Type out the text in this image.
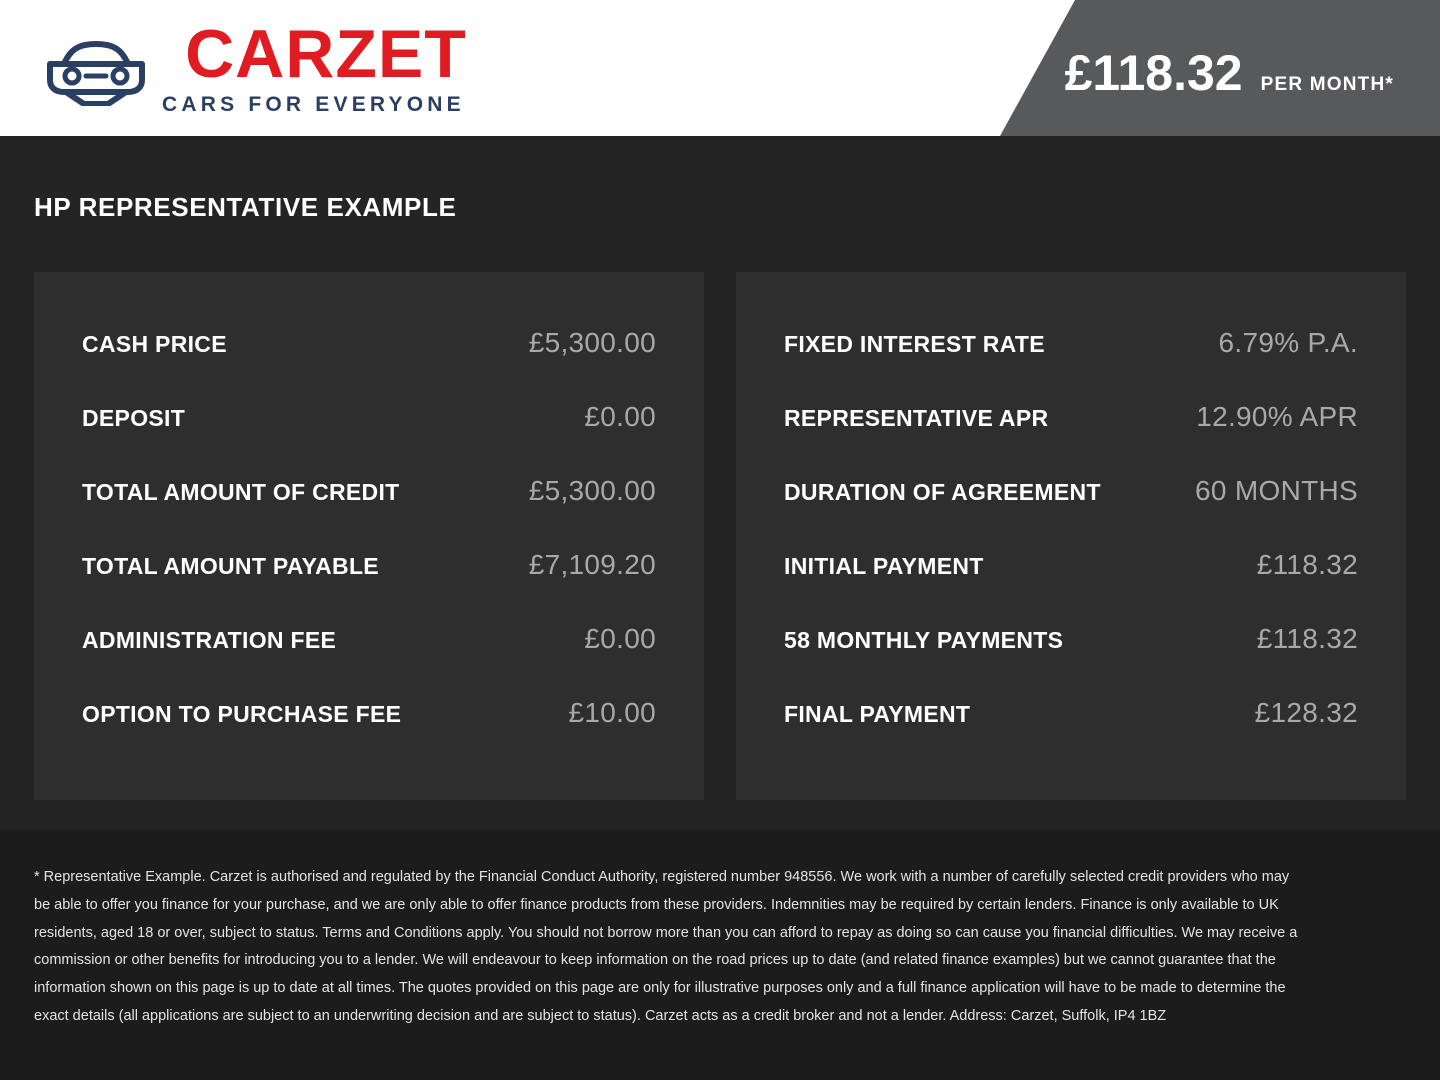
CARZET
CARS FOR EVERYONE
£118.32 PER MONTH*
HP REPRESENTATIVE EXAMPLE
CASH PRICE	£5,300.00
DEPOSIT	£0.00
TOTAL AMOUNT OF CREDIT	£5,300.00
TOTAL AMOUNT PAYABLE	£7,109.20
ADMINISTRATION FEE	£0.00
OPTION TO PURCHASE FEE	£10.00
FIXED INTEREST RATE	6.79% P.A.
REPRESENTATIVE APR	12.90% APR
DURATION OF AGREEMENT	60 MONTHS
INITIAL PAYMENT	£118.32
58 MONTHLY PAYMENTS	£118.32
FINAL PAYMENT	£128.32

* Representative Example. Carzet is authorised and regulated by the Financial Conduct Authority, registered number 948556. We work with a number of carefully selected credit providers who may be able to offer you finance for your purchase, and we are only able to offer finance products from these providers. Indemnities may be required by certain lenders. Finance is only available to UK residents, aged 18 or over, subject to status. Terms and Conditions apply. You should not borrow more than you can afford to repay as doing so can cause you financial difficulties. We may receive a commission or other benefits for introducing you to a lender. We will endeavour to keep information on the road prices up to date (and related finance examples) but we cannot guarantee that the information shown on this page is up to date at all times. The quotes provided on this page are only for illustrative purposes only and a full finance application will have to be made to determine the exact details (all applications are subject to an underwriting decision and are subject to status). Carzet acts as a credit broker and not a lender. Address: Carzet, Suffolk, IP4 1BZ
